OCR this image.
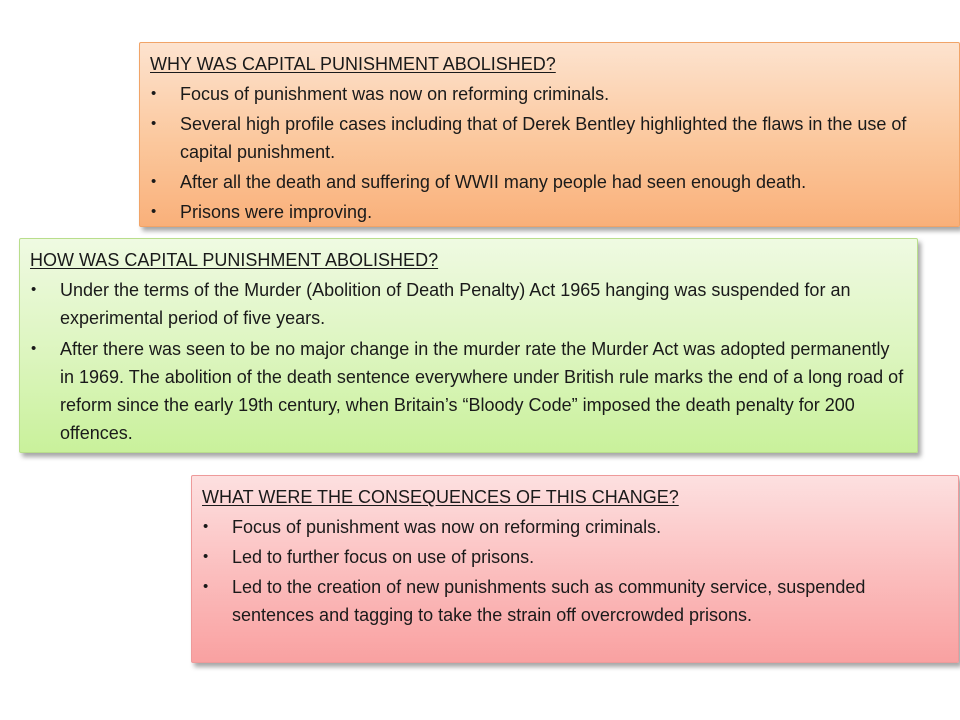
WHY WAS CAPITAL PUNISHMENT ABOLISHED?
• Focus of punishment was now on reforming criminals.
• Several high profile cases including that of Derek Bentley highlighted the flaws in the use of capital punishment.
• After all the death and suffering of WWII many people had seen enough death.
• Prisons were improving.
HOW WAS CAPITAL PUNISHMENT ABOLISHED?
• Under the terms of the Murder (Abolition of Death Penalty) Act 1965 hanging was suspended for an experimental period of five years.
• After there was seen to be no major change in the murder rate the Murder Act was adopted permanently in 1969. The abolition of the death sentence everywhere under British rule marks the end of a long road of reform since the early 19th century, when Britain’s “Bloody Code” imposed the death penalty for 200 offences.
WHAT WERE THE CONSEQUENCES OF THIS CHANGE?
• Focus of punishment was now on reforming criminals.
• Led to further focus on use of prisons.
• Led to the creation of new punishments such as community service, suspended sentences and tagging to take the strain off overcrowded prisons.
